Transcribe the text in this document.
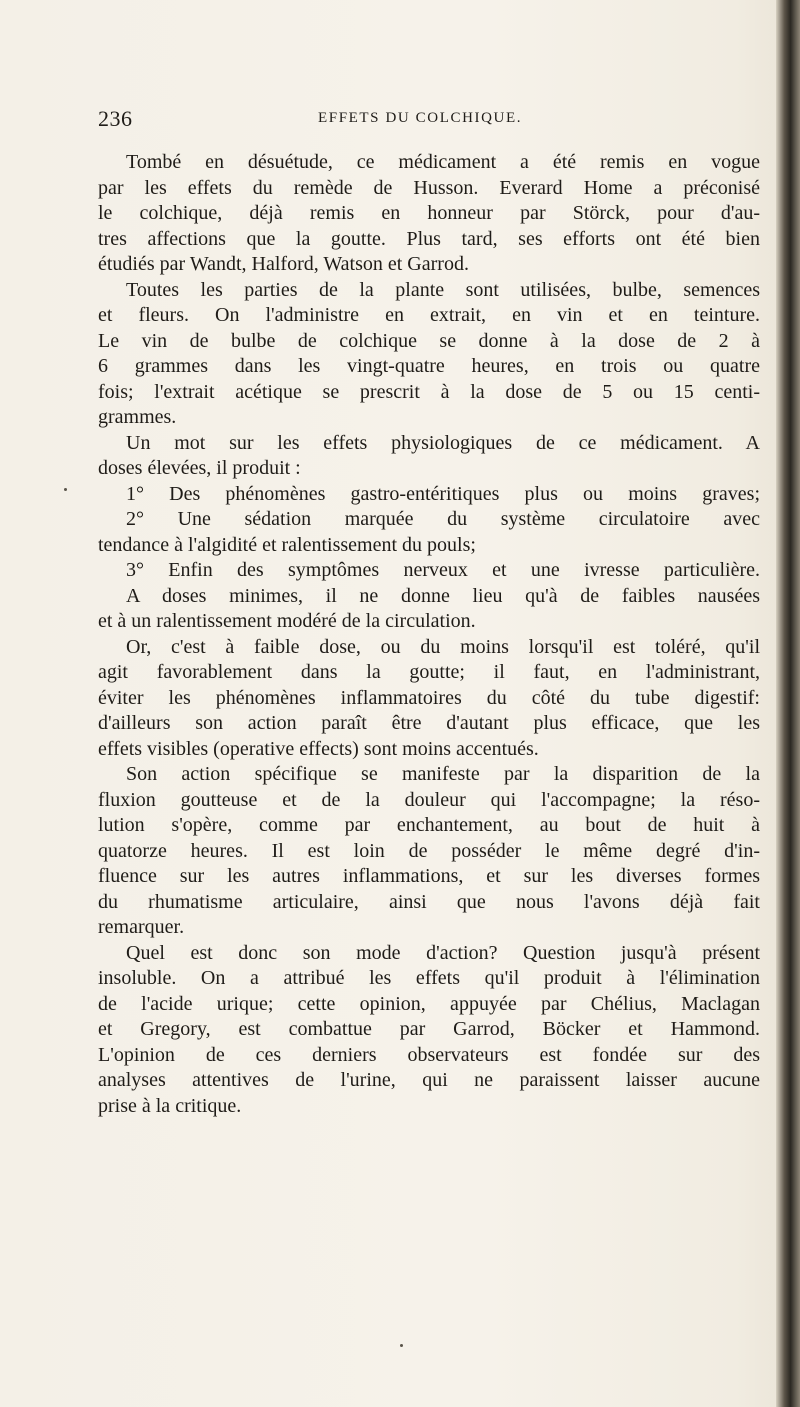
236	EFFETS DU COLCHIQUE.
Tombé en désuétude, ce médicament a été remis en vogue
par les effets du remède de Husson. Everard Home a préconisé
le colchique, déjà remis en honneur par Störck, pour d'au-
tres affections que la goutte. Plus tard, ses efforts ont été bien
étudiés par Wandt, Halford, Watson et Garrod.
Toutes les parties de la plante sont utilisées, bulbe, semences
et fleurs. On l'administre en extrait, en vin et en teinture.
Le vin de bulbe de colchique se donne à la dose de 2 à
6 grammes dans les vingt-quatre heures, en trois ou quatre
fois; l'extrait acétique se prescrit à la dose de 5 ou 15 centi-
grammes.
Un mot sur les effets physiologiques de ce médicament. A
doses élevées, il produit :
1° Des phénomènes gastro-entéritiques plus ou moins graves;
2° Une sédation marquée du système circulatoire avec
tendance à l'algidité et ralentissement du pouls;
3° Enfin des symptômes nerveux et une ivresse particulière.
A doses minimes, il ne donne lieu qu'à de faibles nausées
et à un ralentissement modéré de la circulation.
Or, c'est à faible dose, ou du moins lorsqu'il est toléré, qu'il
agit favorablement dans la goutte; il faut, en l'administrant,
éviter les phénomènes inflammatoires du côté du tube digestif:
d'ailleurs son action paraît être d'autant plus efficace, que les
effets visibles (operative effects) sont moins accentués.
Son action spécifique se manifeste par la disparition de la
fluxion goutteuse et de la douleur qui l'accompagne; la réso-
lution s'opère, comme par enchantement, au bout de huit à
quatorze heures. Il est loin de posséder le même degré d'in-
fluence sur les autres inflammations, et sur les diverses formes
du rhumatisme articulaire, ainsi que nous l'avons déjà fait
remarquer.
Quel est donc son mode d'action? Question jusqu'à présent
insoluble. On a attribué les effets qu'il produit à l'élimination
de l'acide urique; cette opinion, appuyée par Chélius, Maclagan
et Gregory, est combattue par Garrod, Böcker et Hammond.
L'opinion de ces derniers observateurs est fondée sur des
analyses attentives de l'urine, qui ne paraissent laisser aucune
prise à la critique.
